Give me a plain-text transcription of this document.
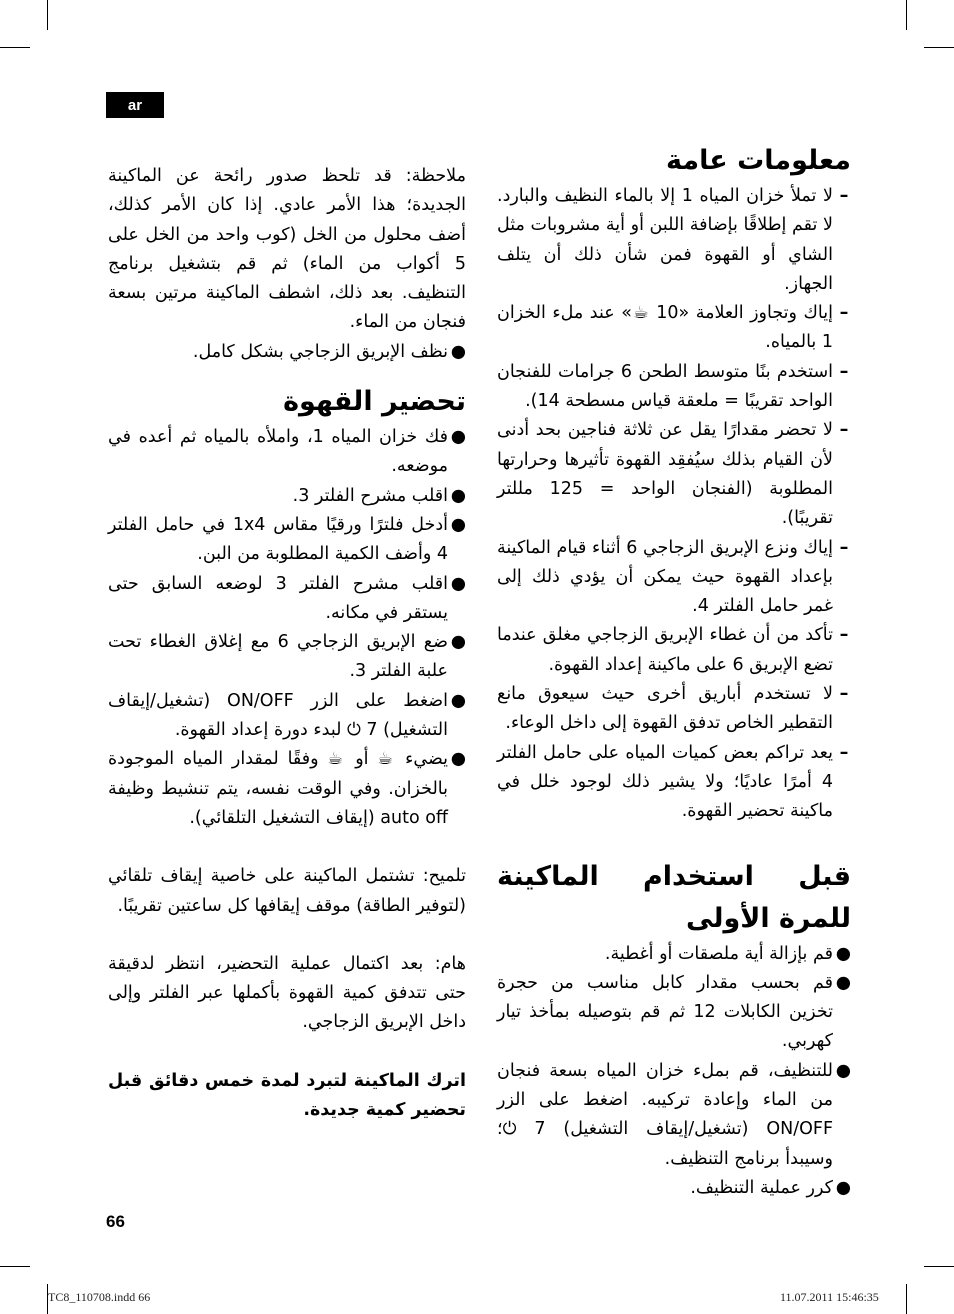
ar
معلومات عامة
–
لا تملأ خزان المياه 1 إلا بالماء النظيف والبارد. لا تقم إطلاقًا بإضافة اللبن أو أية مشروبات مثل الشاي أو القهوة فمن شأن ذلك أن يتلف الجهاز.
–
إياك وتجاوز العلامة «10 ☕» عند ملء الخزان 1 بالمياه.
–
استخدم بنًا متوسط الطحن 6 جرامات للفنجان الواحد تقريبًا = ملعقة قياس مسطحة 14).
–
لا تحضر مقدارًا يقل عن ثلاثة فناجين بحد أدنى لأن القيام بذلك سيُفقِد القهوة تأثيرها وحرارتها المطلوبة (الفنجان الواحد = 125 مللتر تقريبًا).
–
إياك ونزع الإبريق الزجاجي 6 أثناء قيام الماكينة بإعداد القهوة حيث يمكن أن يؤدي ذلك إلى غمر حامل الفلتر 4.
–
تأكد من أن غطاء الإبريق الزجاجي مغلق عندما تضع الإبريق 6 على ماكينة إعداد القهوة.
–
لا تستخدم أباريق أخرى حيث سيعوق مانع التقطير الخاص تدفق القهوة إلى داخل الوعاء.
–
يعد تراكم بعض كميات المياه على حامل الفلتر 4 أمرًا عاديًا؛ ولا يشير ذلك لوجود خلل في ماكينة تحضير القهوة.
قبل استخدام الماكينة للمرة الأولى
●
قم بإزالة أية ملصقات أو أغطية.
●
قم بحسب مقدار كابل مناسب من حجرة تخزين الكابلات 12 ثم قم بتوصيله بمأخذ تيار كهربي.
●
للتنظيف، قم بملء خزان المياه بسعة فنجان من الماء وإعادة تركيبه. اضغط على الزر ON/OFF (تشغيل/إيقاف التشغيل) 7 ⏻؛ وسيبدأ برنامج التنظيف.
●
كرر عملية التنظيف.

ملاحظة: قد تلحظ صدور رائحة عن الماكينة الجديدة؛ هذا الأمر عادي. إذا كان الأمر كذلك، أضف محلول من الخل (كوب واحد من الخل على 5 أكواب من الماء) ثم قم بتشغيل برنامج التنظيف. بعد ذلك، اشطف الماكينة مرتين بسعة فنجان من الماء.

●
نظف الإبريق الزجاجي بشكل كامل.
تحضير القهوة
●
فك خزان المياه 1، واملأه بالمياه ثم أعده في موضعه.
●
اقلب مشرح الفلتر 3.
●
أدخل فلترًا ورقيًا مقاس 1x4 في حامل الفلتر 4 وأضف الكمية المطلوبة من البن.
●
اقلب مشرح الفلتر 3 لوضعه السابق حتى يستقر في مكانه.
●
ضع الإبريق الزجاجي 6 مع إغلاق الغطاء تحت علبة الفلتر 3.
●
اضغط على الزر ON/OFF (تشغيل/إيقاف التشغيل) 7 ⏻ لبدء دورة إعداد القهوة.
●
يضيء ☕ أو ☕ وفقًا لمقدار المياه الموجودة بالخزان. وفي الوقت نفسه، يتم تنشيط وظيفة auto off (إيقاف التشغيل التلقائي).

تلميح: تشتمل الماكينة على خاصية إيقاف تلقائي (لتوفير الطاقة) موقف إيقافها كل ساعتين تقريبًا.

هام: بعد اكتمال عملية التحضير، انتظر لدقيقة حتى تتدفق كمية القهوة بأكملها عبر الفلتر وإلى داخل الإبريق الزجاجي.

اترك الماكينة لتبرد لمدة خمس دقائق قبل تحضير كمية جديدة.

66
TC8_110708.indd 66	11.07.2011 15:46:35
